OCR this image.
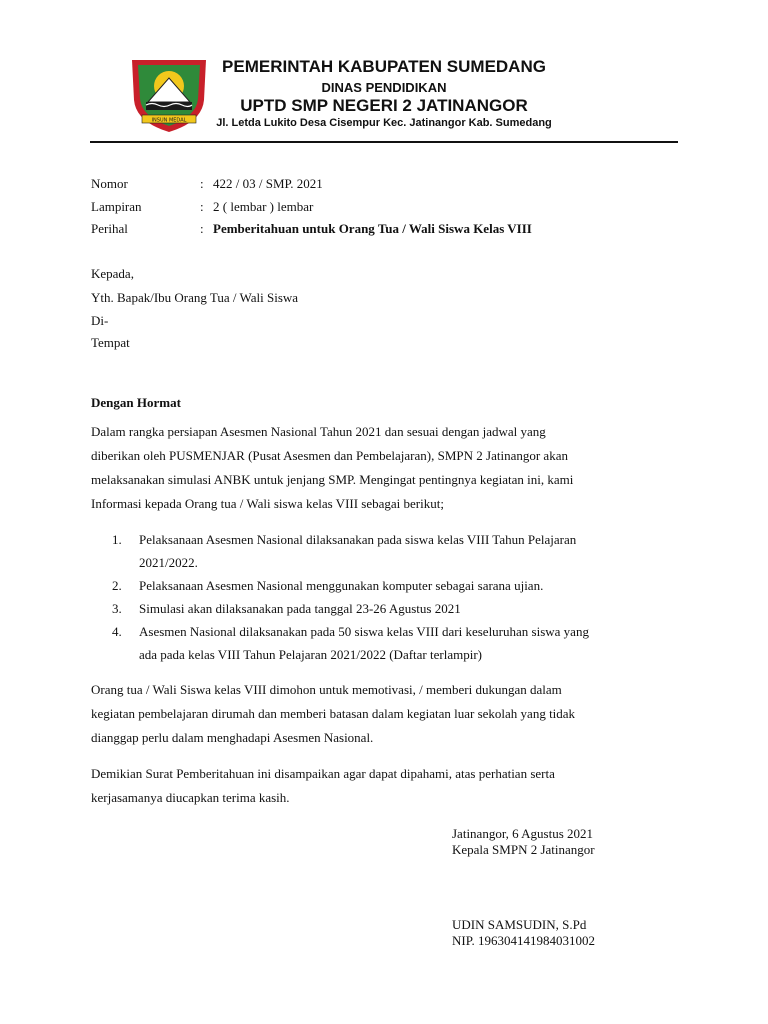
INSUN MEDAL
PEMERINTAH KABUPATEN SUMEDANG
DINAS PENDIDIKAN
UPTD SMP NEGERI 2 JATINANGOR
Jl. Letda Lukito Desa Cisempur Kec. Jatinangor Kab. Sumedang
Nomor	: 422 / 03 / SMP. 2021
Lampiran	: 2 ( lembar ) lembar
Perihal	: Pemberitahuan untuk Orang Tua / Wali Siswa Kelas VIII
Kepada,
Yth. Bapak/Ibu Orang Tua / Wali Siswa
Di-
Tempat
Dengan Hormat

Dalam rangka persiapan Asesmen Nasional Tahun 2021 dan sesuai dengan jadwal yang

diberikan oleh PUSMENJAR (Pusat Asesmen dan Pembelajaran), SMPN 2 Jatinangor akan

melaksanakan simulasi ANBK untuk jenjang SMP. Mengingat pentingnya kegiatan ini, kami

Informasi kepada Orang tua / Wali siswa kelas VIII sebagai berikut;

1. Pelaksanaan Asesmen Nasional dilaksanakan pada siswa kelas VIII Tahun Pelajaran
2021/2022.
2. Pelaksanaan Asesmen Nasional menggunakan komputer sebagai sarana ujian.
3. Simulasi akan dilaksanakan pada tanggal 23-26 Agustus 2021
4. Asesmen Nasional dilaksanakan pada 50 siswa kelas VIII dari keseluruhan siswa yang
ada pada kelas VIII Tahun Pelajaran 2021/2022 (Daftar terlampir)

Orang tua / Wali Siswa kelas VIII dimohon untuk memotivasi, / memberi dukungan dalam

kegiatan pembelajaran dirumah dan memberi batasan dalam kegiatan luar sekolah yang tidak

dianggap perlu dalam menghadapi Asesmen Nasional.

Demikian Surat Pemberitahuan ini disampaikan agar dapat dipahami, atas perhatian serta

kerjasamanya diucapkan terima kasih.

Jatinangor, 6 Agustus 2021
Kepala SMPN 2 Jatinangor
UDIN SAMSUDIN, S.Pd
NIP. 196304141984031002
